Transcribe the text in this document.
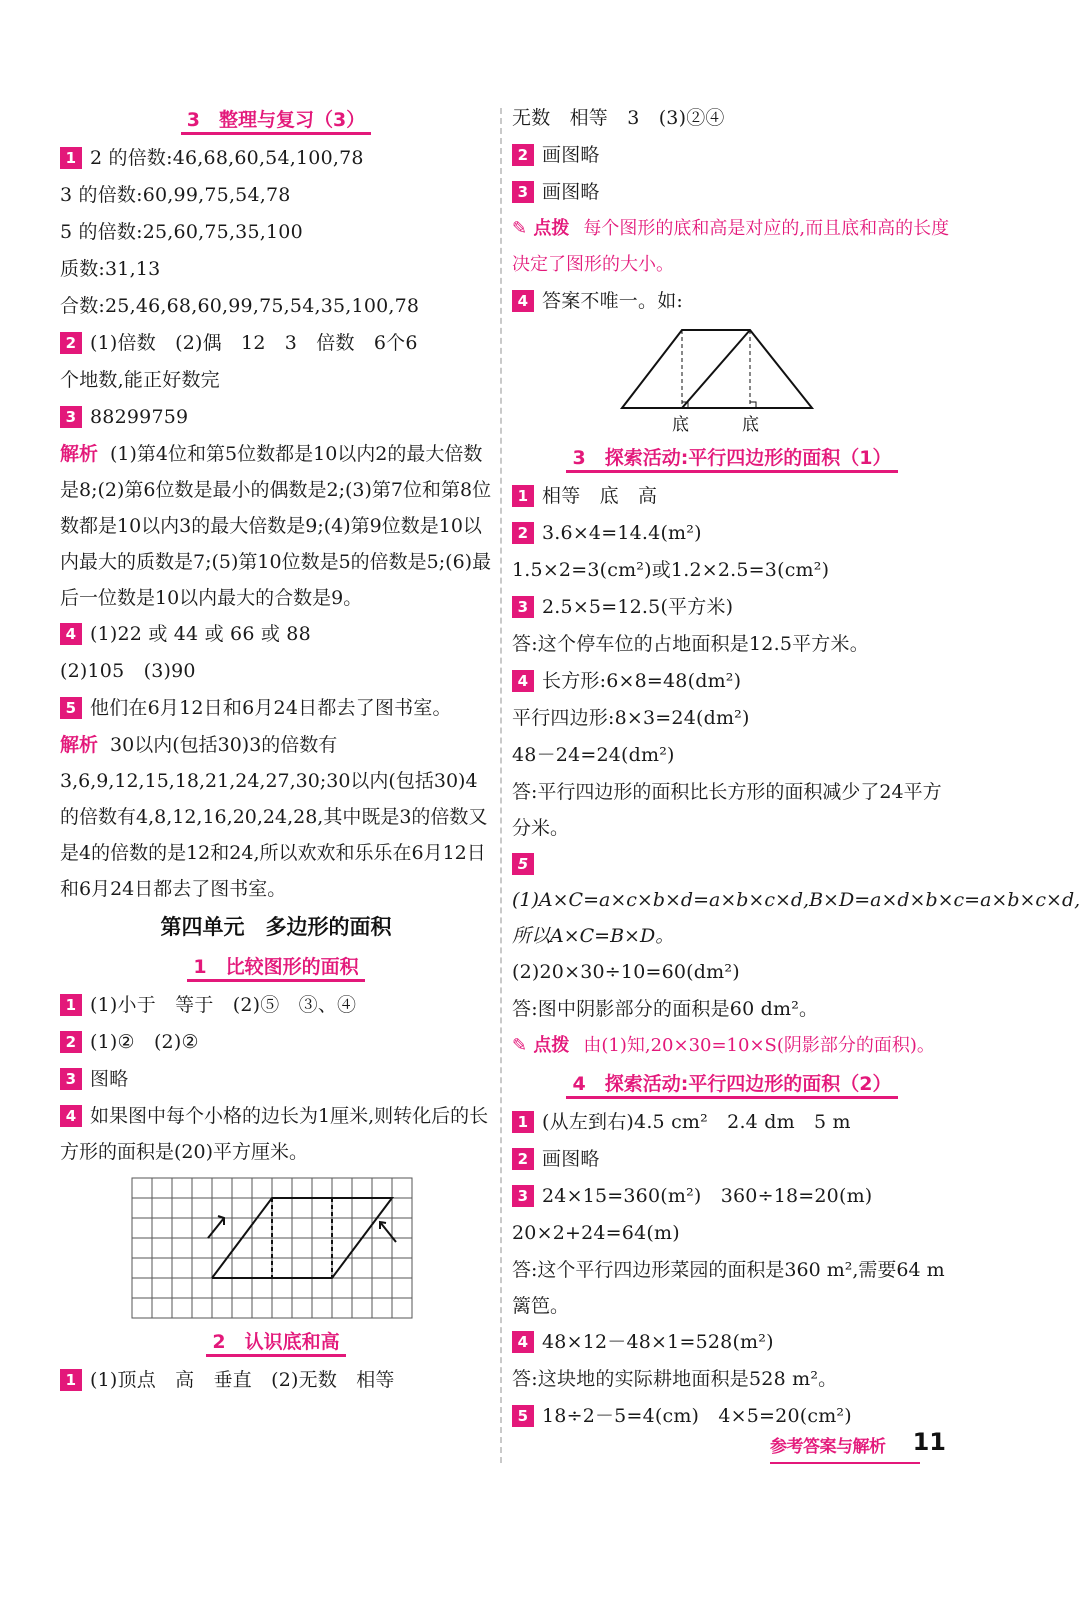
3　整理与复习（3）
1 2 的倍数:46,68,60,54,100,78
3 的倍数:60,99,75,54,78
5 的倍数:25,60,75,35,100
质数:31,13
合数:25,46,68,60,99,75,54,35,100,78
2 (1)倍数　(2)偶　12　3　倍数　6个6
个地数,能正好数完
3 88299759
解析 (1)第4位和第5位数都是10以内2的最大倍数是8;(2)第6位数是最小的偶数是2;(3)第7位和第8位数都是10以内3的最大倍数是9;(4)第9位数是10以内最大的质数是7;(5)第10位数是5的倍数是5;(6)最后一位数是10以内最大的合数是9。
4 (1)22 或 44 或 66 或 88
(2)105　(3)90
5 他们在6月12日和6月24日都去了图书室。
解析 30以内(包括30)3的倍数有3,6,9,12,15,18,21,24,27,30;30以内(包括30)4的倍数有4,8,12,16,20,24,28,其中既是3的倍数又是4的倍数的是12和24,所以欢欢和乐乐在6月12日和6月24日都去了图书室。
第四单元　多边形的面积
1　比较图形的面积
1 (1)小于　等于　(2)⑤　③、④
2 (1)②　(2)②
3 图略
4 如果图中每个小格的边长为1厘米,则转化后的长方形的面积是(20)平方厘米。
2　认识底和高
1 (1)顶点　高　垂直　(2)无数　相等
无数　相等　3　(3)②④
2 画图略
3 画图略
✎ 点拨 每个图形的底和高是对应的,而且底和高的长度决定了图形的大小。
4 答案不唯一。如:
底	底
3　探索活动:平行四边形的面积（1）
1 相等　底　高
2 3.6×4=14.4(m²)
1.5×2=3(cm²)或1.2×2.5=3(cm²)
3 2.5×5=12.5(平方米)
答:这个停车位的占地面积是12.5平方米。
4 长方形:6×8=48(dm²)
平行四边形:8×3=24(dm²)
48－24=24(dm²)
答:平行四边形的面积比长方形的面积减少了24平方分米。
5(1)A×C=a×c×b×d=a×b×c×d,B×D=a×d×b×c=a×b×c×d,所以A×C=B×D。
(2)20×30÷10=60(dm²)
答:图中阴影部分的面积是60 dm²。
✎ 点拨 由(1)知,20×30=10×S(阴影部分的面积)。
4　探索活动:平行四边形的面积（2）
1 (从左到右)4.5 cm²　2.4 dm　5 m
2 画图略
3 24×15=360(m²)　360÷18=20(m)
20×2+24=64(m)
答:这个平行四边形菜园的面积是360 m²,需要64 m篱笆。
4 48×12－48×1=528(m²)
答:这块地的实际耕地面积是528 m²。
5 18÷2－5=4(cm)　4×5=20(cm²)
参考答案与解析 11
